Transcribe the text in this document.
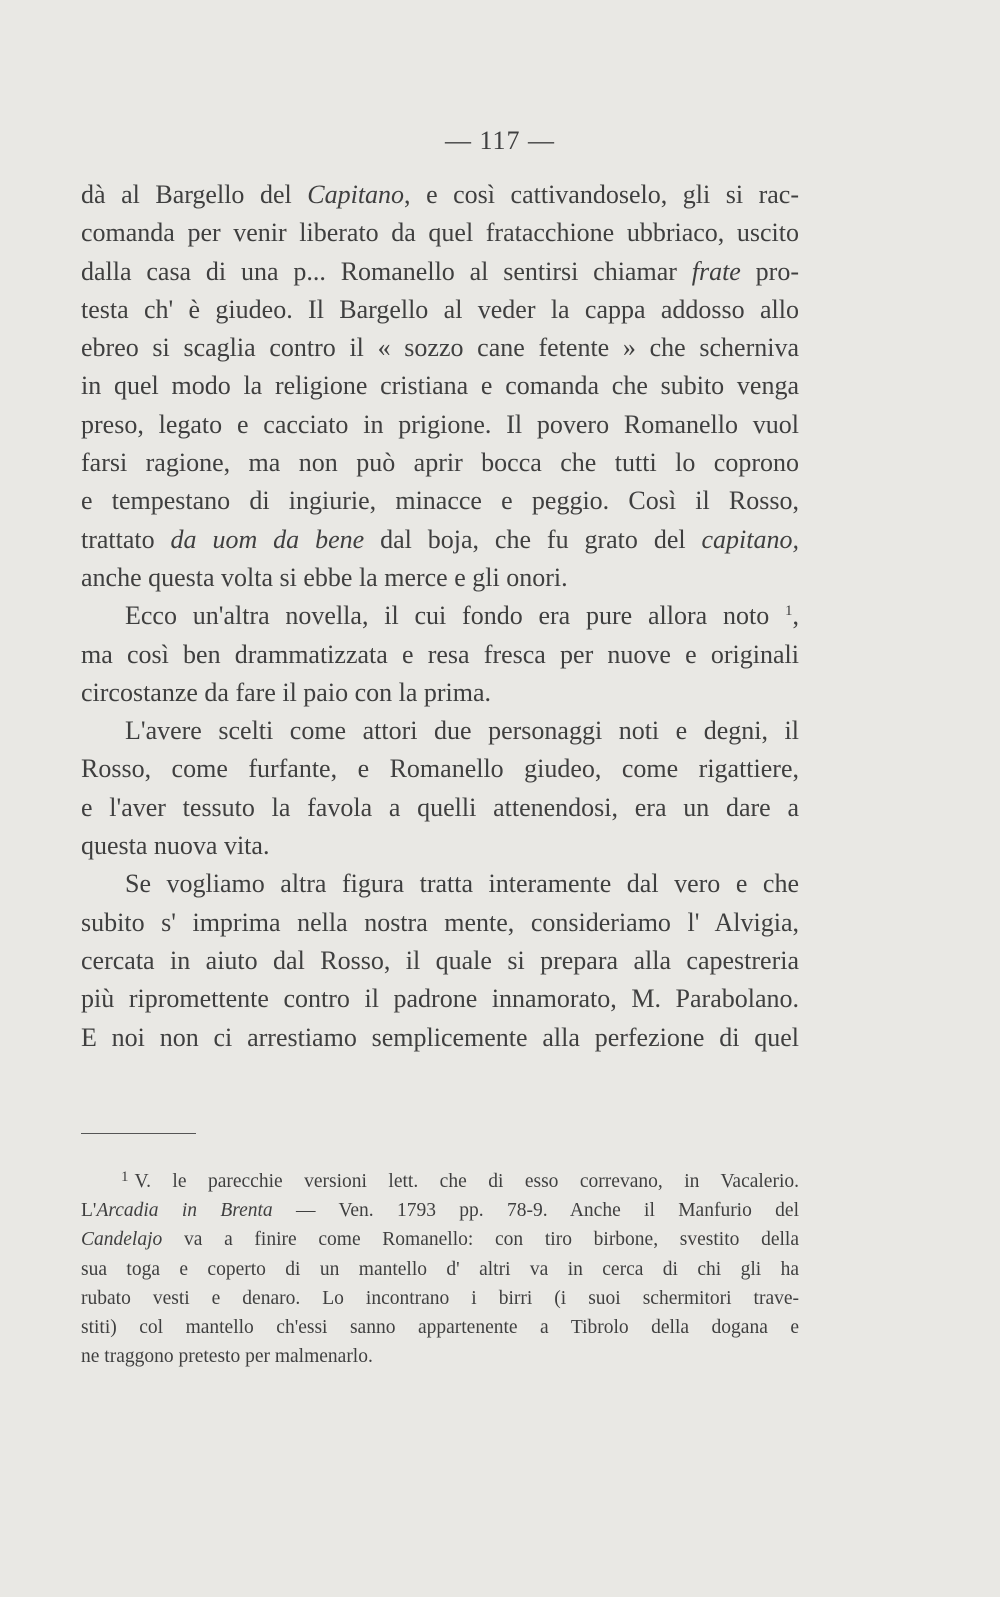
— 117 —
dà al Bargello del Capitano, e così cattivandoselo, gli si rac-
comanda per venir liberato da quel fratacchione ubbriaco, uscito
dalla casa di una p... Romanello al sentirsi chiamar frate pro-
testa ch' è giudeo. Il Bargello al veder la cappa addosso allo
ebreo si scaglia contro il « sozzo cane fetente » che scherniva
in quel modo la religione cristiana e comanda che subito venga
preso, legato e cacciato in prigione. Il povero Romanello vuol
farsi ragione, ma non può aprir bocca che tutti lo coprono
e tempestano di ingiurie, minacce e peggio. Così il Rosso,
trattato da uom da bene dal boja, che fu grato del capitano,
anche questa volta si ebbe la merce e gli onori.
Ecco un'altra novella, il cui fondo era pure allora noto $^1$,
ma così ben drammatizzata e resa fresca per nuove e originali
circostanze da fare il paio con la prima.
L'avere scelti come attori due personaggi noti e degni, il
Rosso, come furfante, e Romanello giudeo, come rigattiere,
e l'aver tessuto la favola a quelli attenendosi, era un dare a
questa nuova vita.
Se vogliamo altra figura tratta interamente dal vero e che
subito s' imprima nella nostra mente, consideriamo l' Alvigia,
cercata in aiuto dal Rosso, il quale si prepara alla capestreria
più ripromettente contro il padrone innamorato, M. Parabolano.
E noi non ci arrestiamo semplicemente alla perfezione di quel
$^1$ V. le parecchie versioni lett. che di esso correvano, in Vacalerio.
L'Arcadia in Brenta — Ven. 1793 pp. 78-9. Anche il Manfurio del
Candelajo va a finire come Romanello: con tiro birbone, svestito della
sua toga e coperto di un mantello d' altri va in cerca di chi gli ha
rubato vesti e denaro. Lo incontrano i birri (i suoi schermitori trave-
stiti) col mantello ch'essi sanno appartenente a Tibrolo della dogana e
ne traggono pretesto per malmenarlo.
